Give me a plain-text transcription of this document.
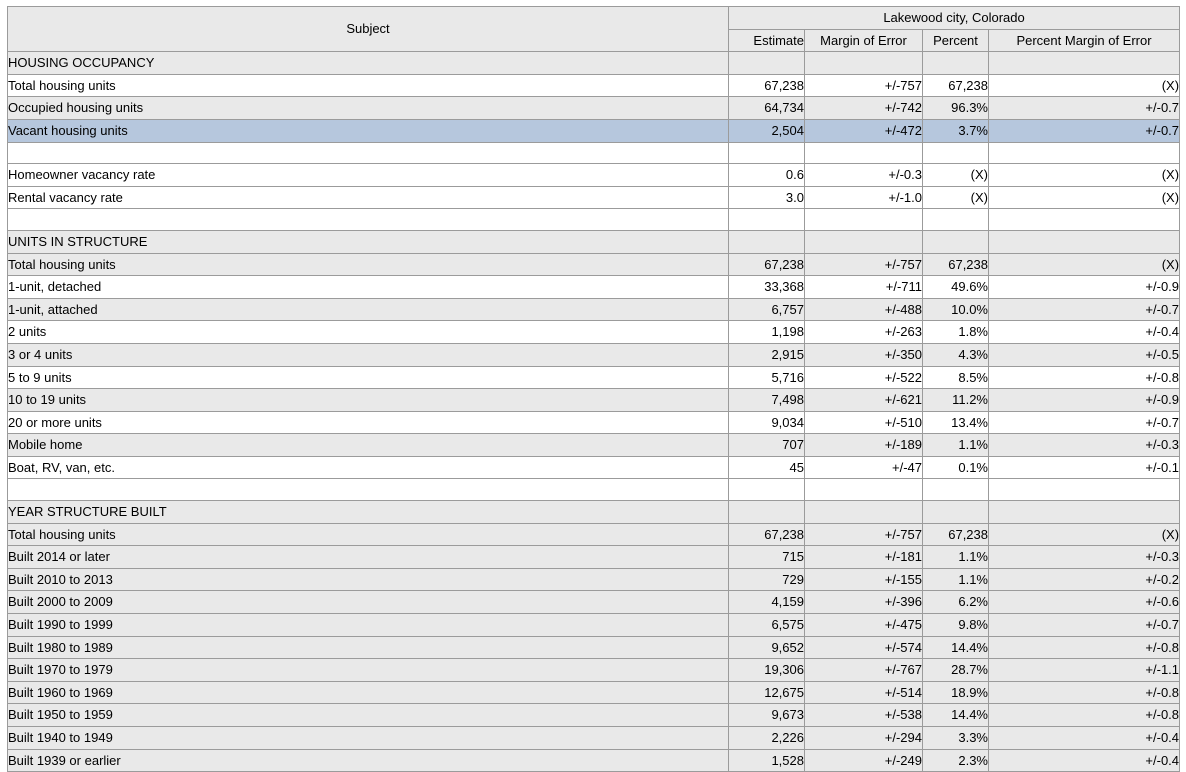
Subject	Lakewood city, Colorado			
	Estimate	Margin of Error	Percent	Percent Margin of Error
HOUSING OCCUPANCY				
Total housing units	67,238	+/-757	67,238	(X)
Occupied housing units	64,734	+/-742	96.3%	+/-0.7
Vacant housing units	2,504	+/-472	3.7%	+/-0.7

Homeowner vacancy rate	0.6	+/-0.3	(X)	(X)
Rental vacancy rate	3.0	+/-1.0	(X)	(X)

UNITS IN STRUCTURE				
Total housing units	67,238	+/-757	67,238	(X)
1-unit, detached	33,368	+/-711	49.6%	+/-0.9
1-unit, attached	6,757	+/-488	10.0%	+/-0.7
2 units	1,198	+/-263	1.8%	+/-0.4
3 or 4 units	2,915	+/-350	4.3%	+/-0.5
5 to 9 units	5,716	+/-522	8.5%	+/-0.8
10 to 19 units	7,498	+/-621	11.2%	+/-0.9
20 or more units	9,034	+/-510	13.4%	+/-0.7
Mobile home	707	+/-189	1.1%	+/-0.3
Boat, RV, van, etc.	45	+/-47	0.1%	+/-0.1

YEAR STRUCTURE BUILT				
Total housing units	67,238	+/-757	67,238	(X)
Built 2014 or later	715	+/-181	1.1%	+/-0.3
Built 2010 to 2013	729	+/-155	1.1%	+/-0.2
Built 2000 to 2009	4,159	+/-396	6.2%	+/-0.6
Built 1990 to 1999	6,575	+/-475	9.8%	+/-0.7
Built 1980 to 1989	9,652	+/-574	14.4%	+/-0.8
Built 1970 to 1979	19,306	+/-767	28.7%	+/-1.1
Built 1960 to 1969	12,675	+/-514	18.9%	+/-0.8
Built 1950 to 1959	9,673	+/-538	14.4%	+/-0.8
Built 1940 to 1949	2,226	+/-294	3.3%	+/-0.4
Built 1939 or earlier	1,528	+/-249	2.3%	+/-0.4
